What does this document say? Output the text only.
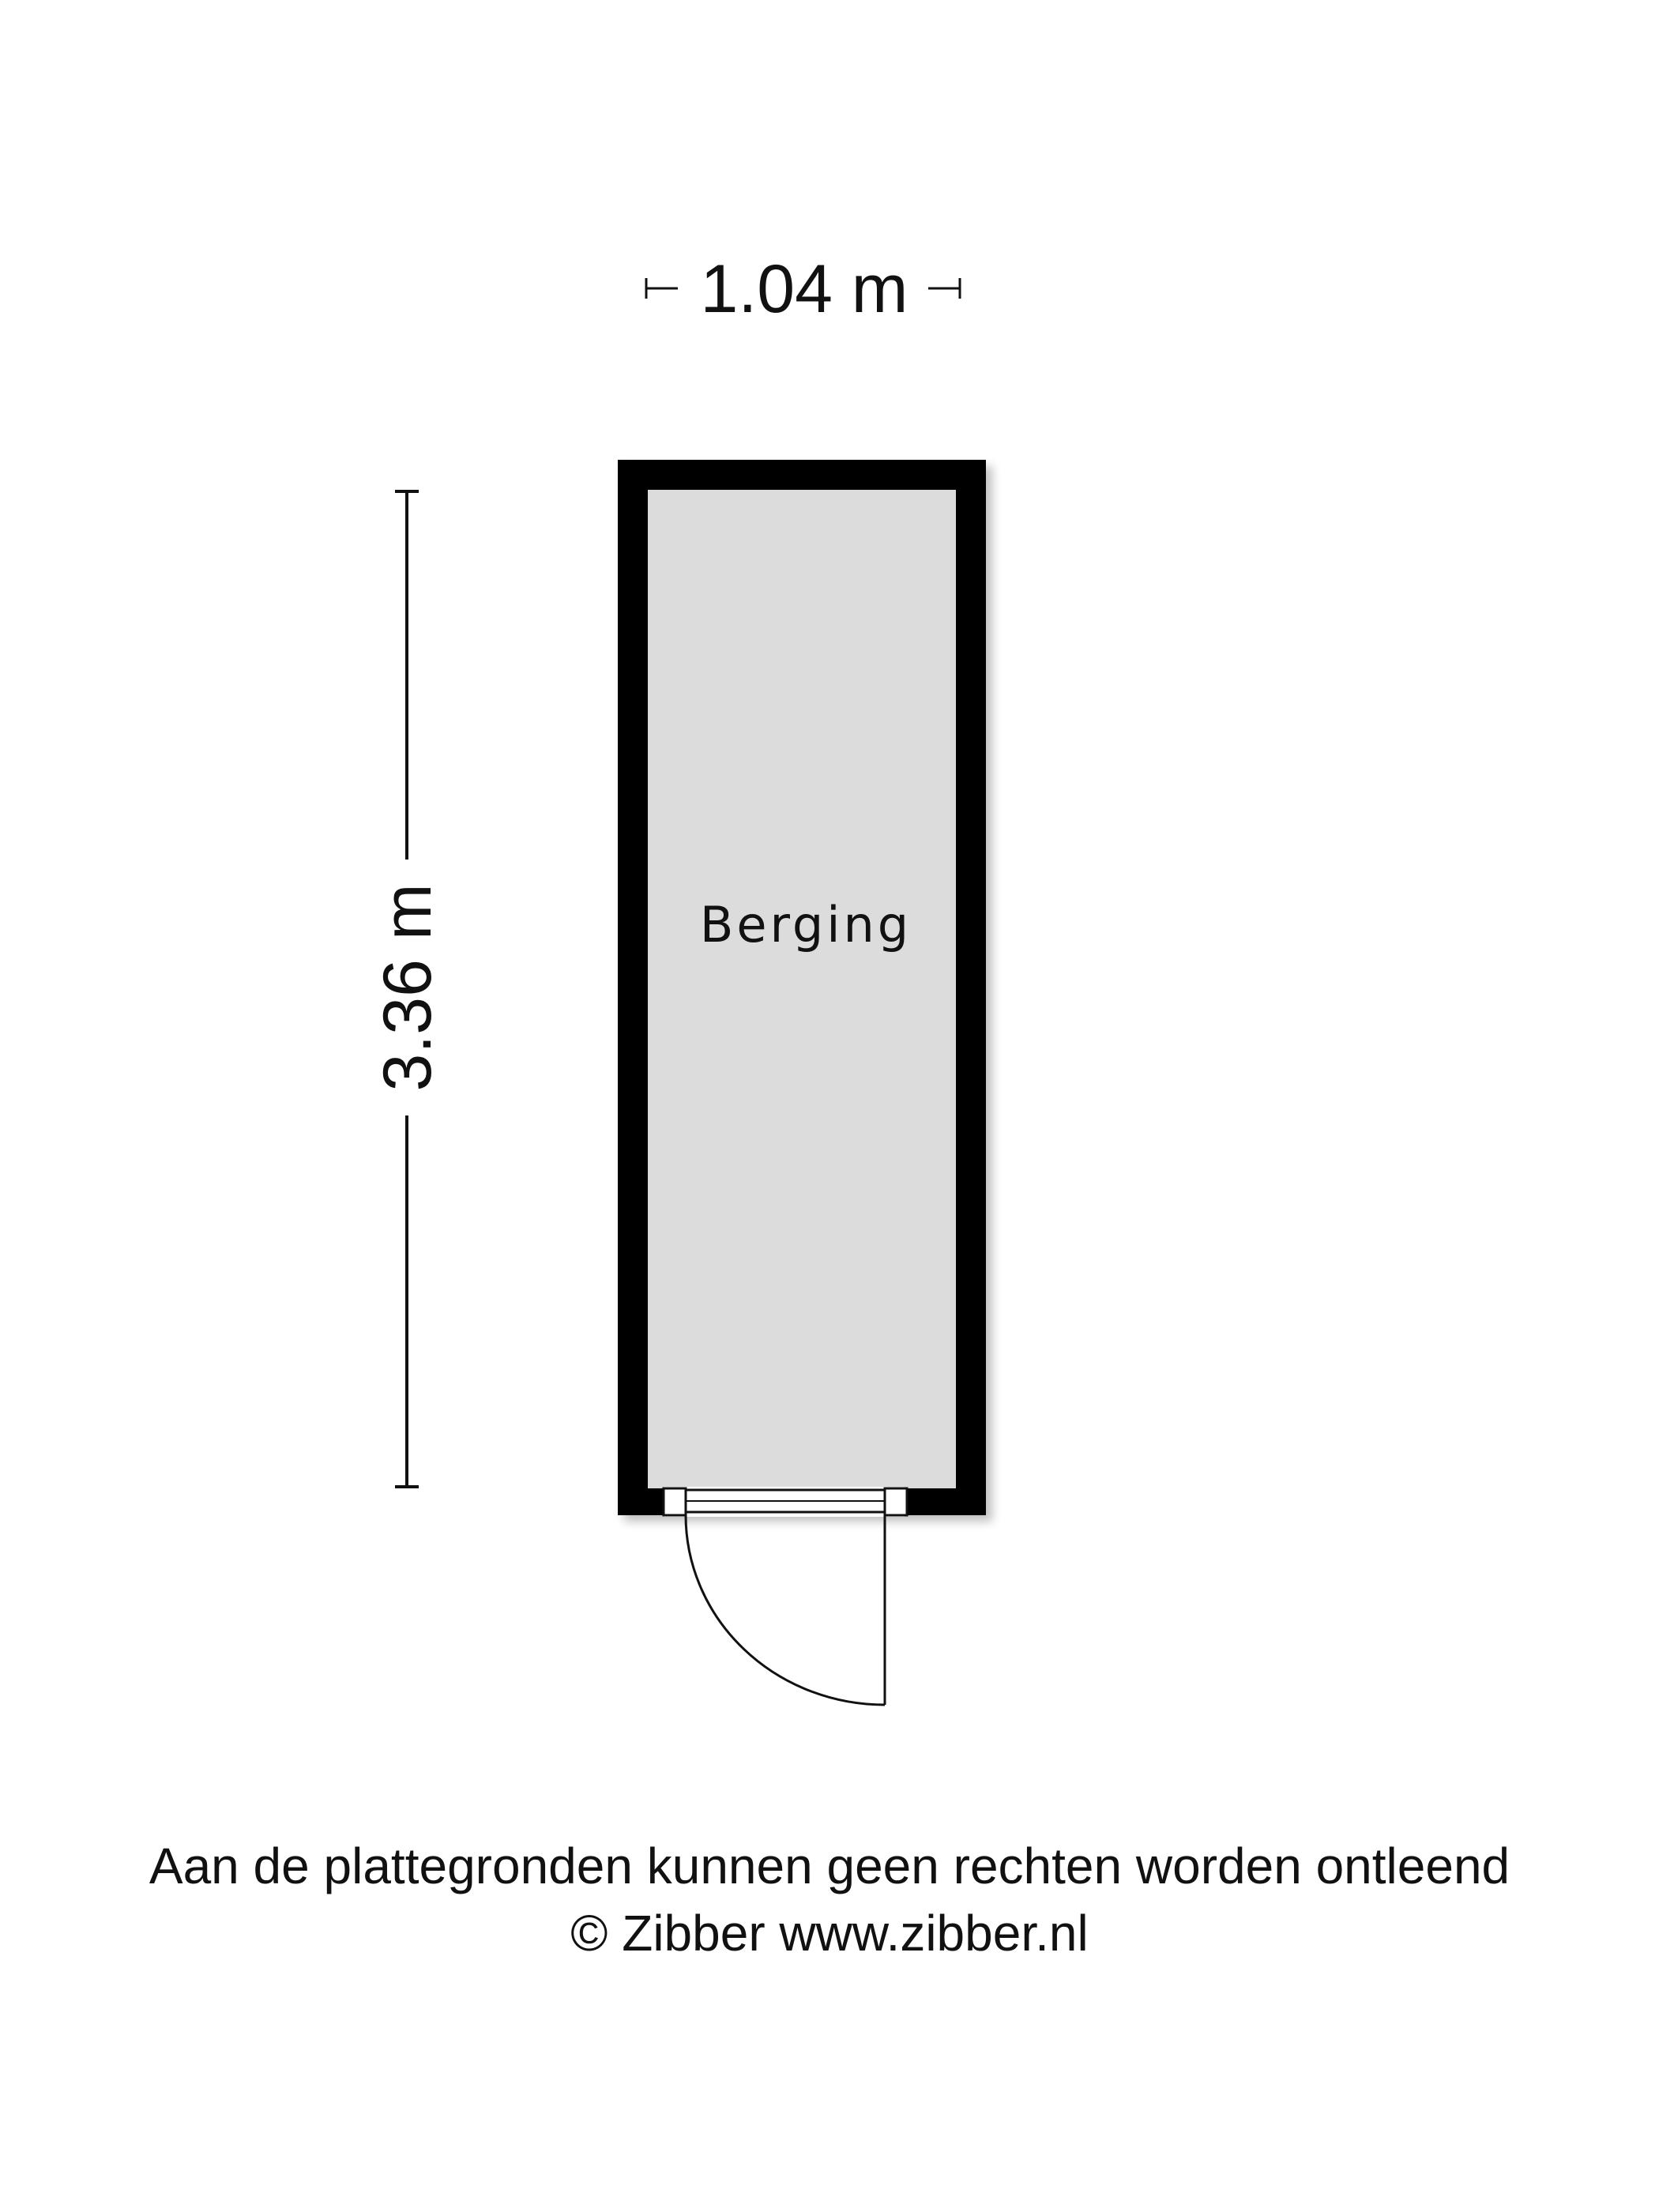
1.04 m
3.36 m	Berging
Aan de plattegronden kunnen geen rechten worden ontleend
© Zibber www.zibber.nl
